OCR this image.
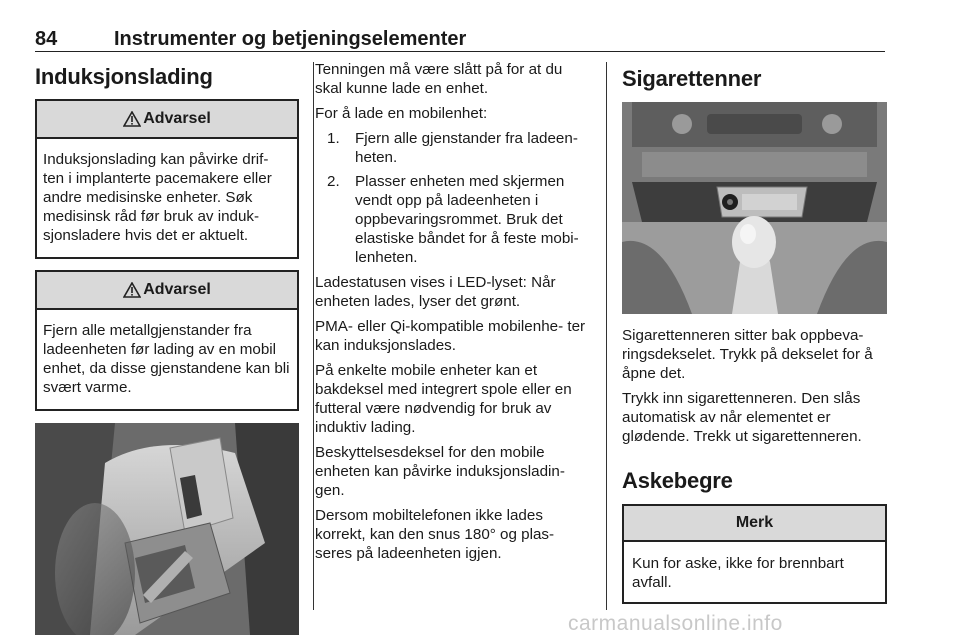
84	Instrumenter og betjeningselementer
Induksjonslading
Advarsel
Induksjonslading kan påvirke drif- ten i implanterte pacemakere eller andre medisinske enheter. Søk medisinsk råd før bruk av induk- sjonsladere hvis det er aktuelt.
Advarsel
Fjern alle metallgjenstander fra ladeenheten før lading av en mobil enhet, da disse gjenstandene kan bli svært varme.

Tenningen må være slått på for at du skal kunne lade en enhet.

For å lade en mobilenhet:

1. Fjern alle gjenstander fra ladeen- heten.
2. Plasser enheten med skjermen vendt opp på ladeenheten i oppbevaringsrommet. Bruk det elastiske båndet for å feste mobi- lenheten.

Ladestatusen vises i LED-lyset: Når enheten lades, lyser det grønt.

PMA- eller Qi-kompatible mobilenhe- ter kan induksjonslades.

På enkelte mobile enheter kan et bakdeksel med integrert spole eller en futteral være nødvendig for bruk av induktiv lading.

Beskyttelsesdeksel for den mobile enheten kan påvirke induksjonsladin- gen.

Dersom mobiltelefonen ikke lades korrekt, kan den snus 180° og plas- seres på ladeenheten igjen.

Sigarettenner

Sigarettenneren sitter bak oppbeva- ringsdekselet. Trykk på dekselet for å åpne det.

Trykk inn sigarettenneren. Den slås automatisk av når elementet er glødende. Trekk ut sigarettenneren.

Askebegre
Merk
Kun for aske, ikke for brennbart avfall.
carmanualsonline.info
